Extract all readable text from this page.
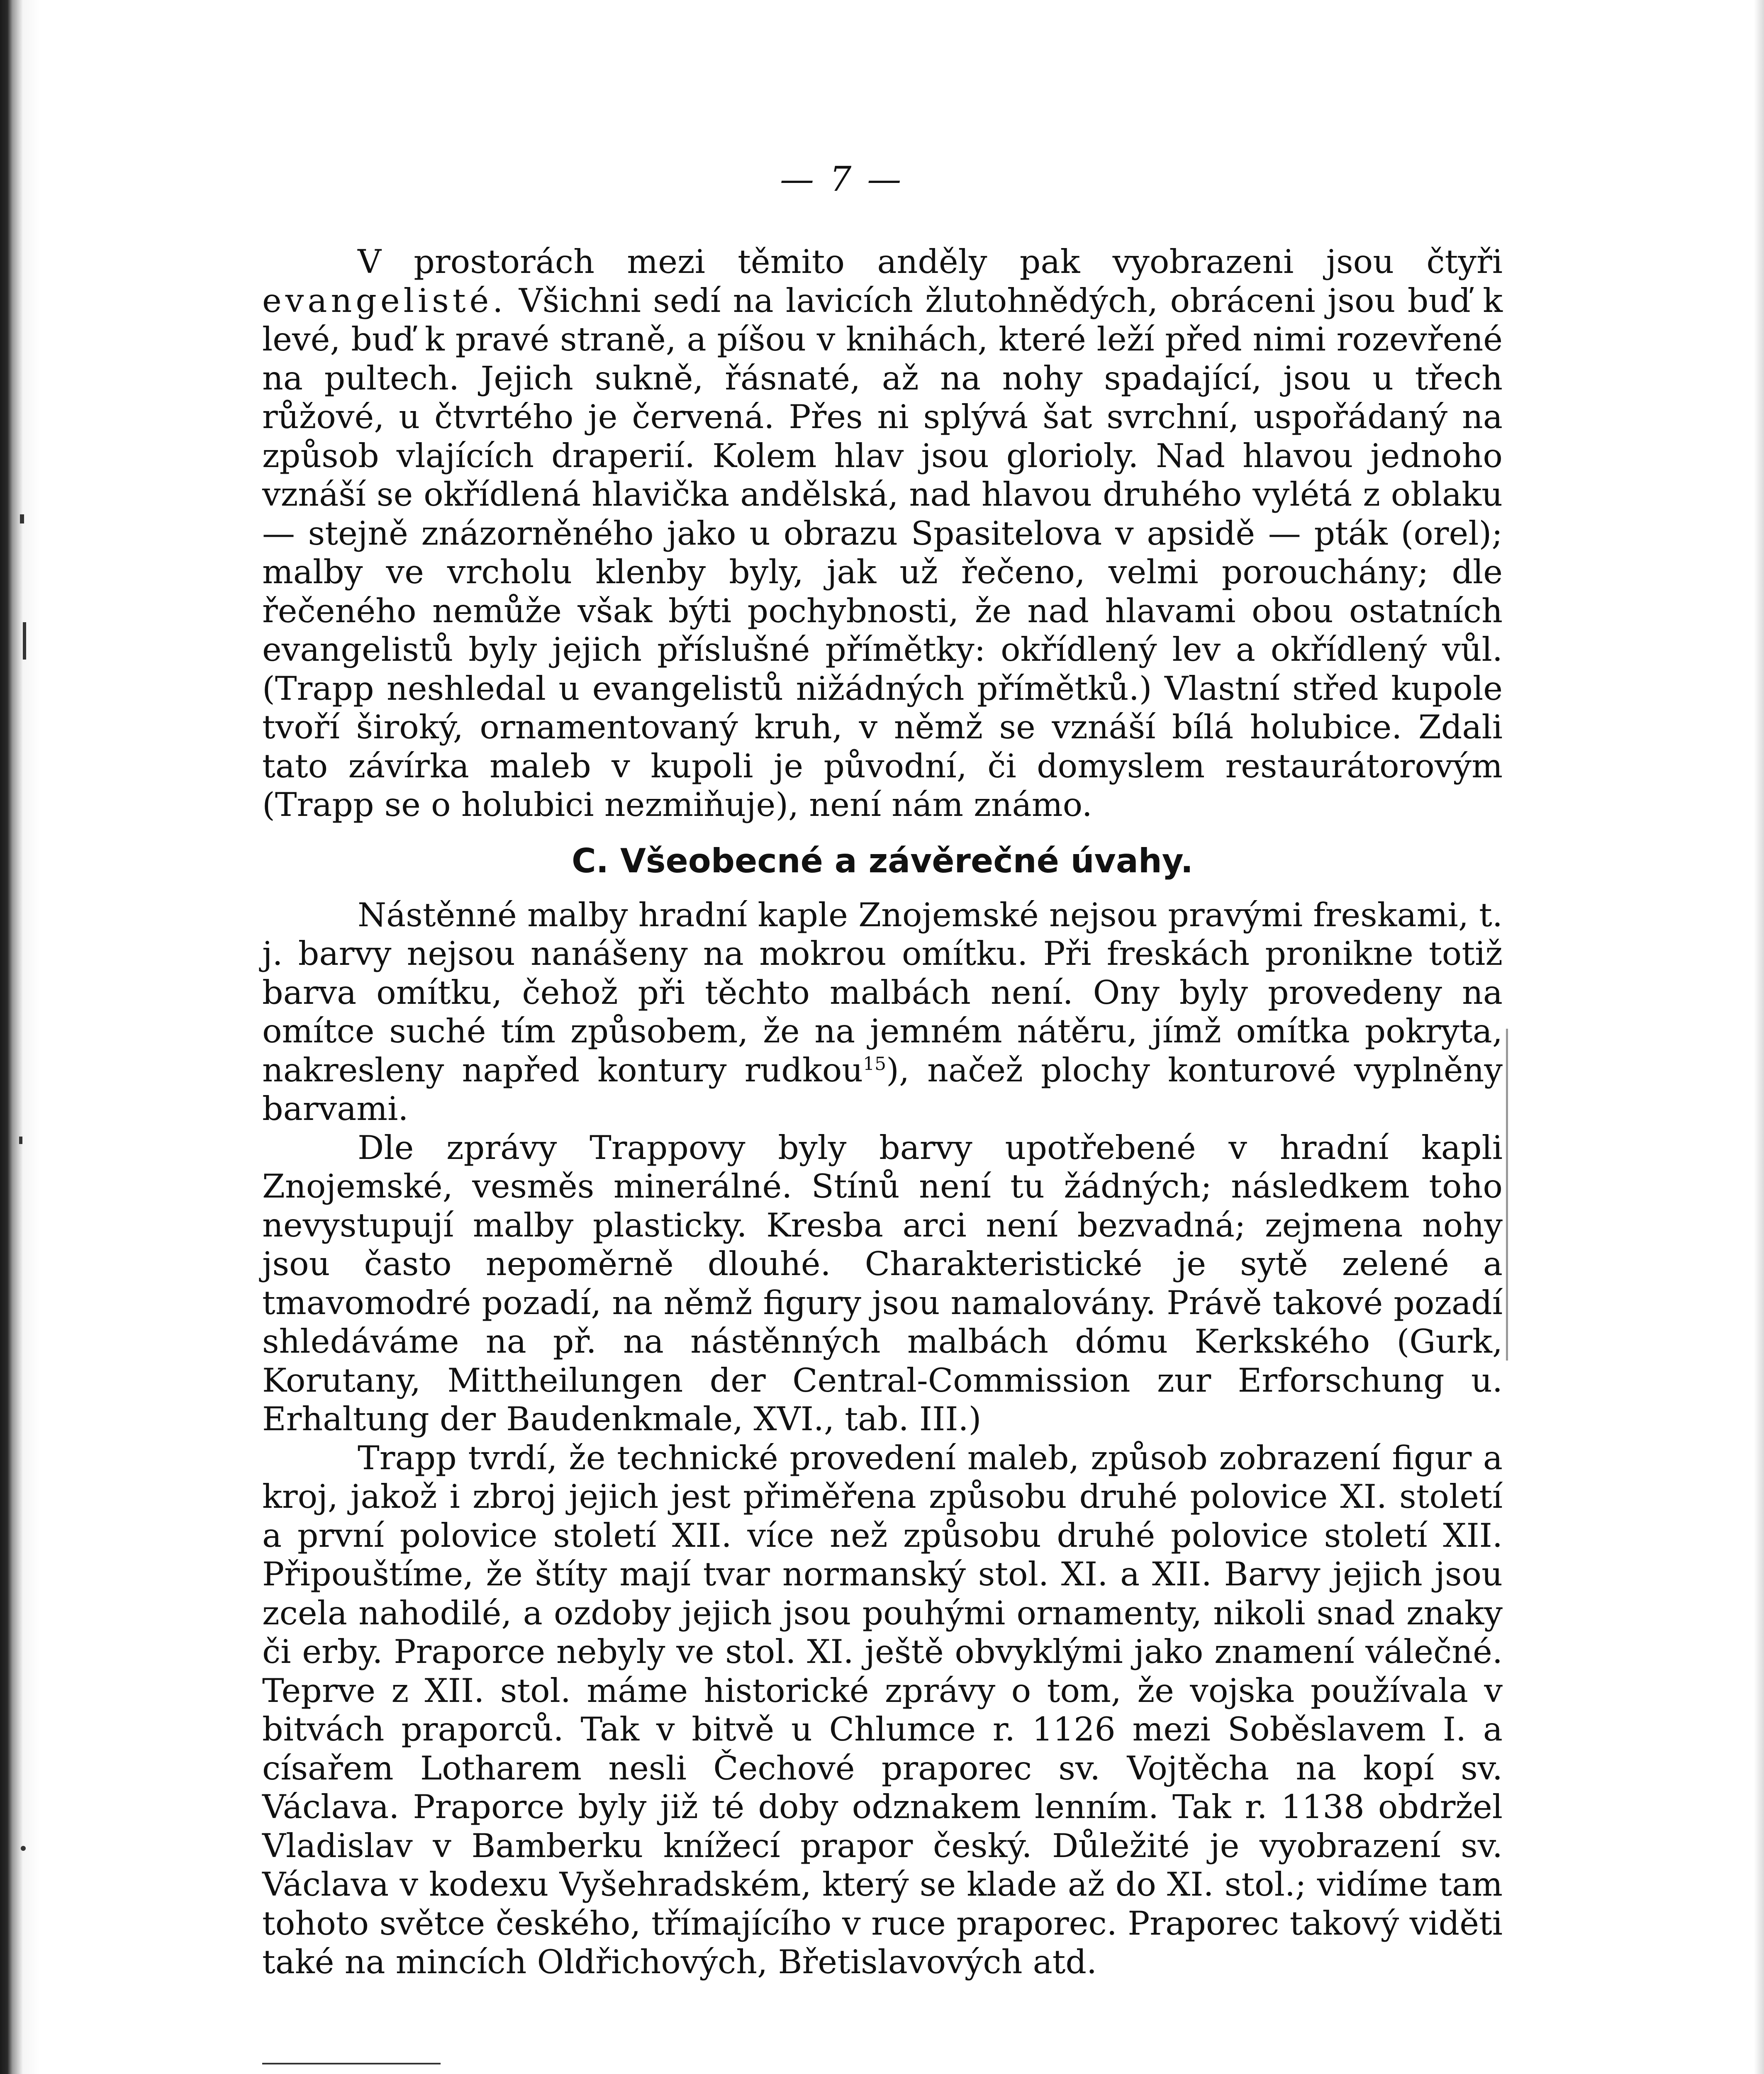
— 7 —

V prostorách mezi těmito anděly pak vyobrazeni jsou čtyři evangelisté. Všichni sedí na lavicích žlutohnědých, obráceni jsou buď k levé, buď k pravé straně, a píšou v knihách, které leží před nimi rozevřené na pultech. Jejich sukně, řásnaté, až na nohy spadající, jsou u třech růžové, u čtvrtého je červená. Přes ni splývá šat svrchní, uspořádaný na způsob vlajících draperií. Kolem hlav jsou glorioly. Nad hlavou jednoho vznáší se okřídlená hlavička andělská, nad hlavou druhého vylétá z oblaku — stejně znázorněného jako u obrazu Spasitelova v apsidě — pták (orel); malby ve vrcholu klenby byly, jak už řečeno, velmi porouchány; dle řečeného nemůže však býti pochybnosti, že nad hlavami obou ostatních evangelistů byly jejich příslušné přímětky: okřídlený lev a okřídlený vůl. (Trapp neshledal u evangelistů nižádných přímětků.) Vlastní střed kupole tvoří široký, ornamentovaný kruh, v němž se vznáší bílá holubice. Zdali tato závírka maleb v kupoli je původní, či domyslem restaurátorovým (Trapp se o holubici nezmiňuje), není nám známo.

C. Všeobecné a závěrečné úvahy.

Nástěnné malby hradní kaple Znojemské nejsou pravými freskami, t. j. barvy nejsou nanášeny na mokrou omítku. Při freskách pronikne totiž barva omítku, čehož při těchto malbách není. Ony byly provedeny na omítce suché tím způsobem, že na jemném nátěru, jímž omítka pokryta, nakresleny napřed kontury rudkou$^{15}$), načež plochy konturové vyplněny barvami.

Dle zprávy Trappovy byly barvy upotřebené v hradní kapli Znojemské, vesměs minerálné. Stínů není tu žádných; následkem toho nevystupují malby plasticky. Kresba arci není bezvadná; zejmena nohy jsou často nepoměrně dlouhé. Charakteristické je sytě zelené a tmavomodré pozadí, na němž figury jsou namalovány. Právě takové pozadí shledáváme na př. na nástěnných malbách dómu Kerkského (Gurk, Korutany, Mittheilungen der Central-Commission zur Erforschung u. Erhaltung der Baudenkmale, XVI., tab. III.)

Trapp tvrdí, že technické provedení maleb, způsob zobrazení figur a kroj, jakož i zbroj jejich jest přiměřena způsobu druhé polovice XI. století a první polovice století XII. více než způsobu druhé polovice století XII. Připouštíme, že štíty mají tvar normanský stol. XI. a XII. Barvy jejich jsou zcela nahodilé, a ozdoby jejich jsou pouhými ornamenty, nikoli snad znaky či erby. Praporce nebyly ve stol. XI. ještě obvyklými jako znamení válečné. Teprve z XII. stol. máme historické zprávy o tom, že vojska používala v bitvách praporců. Tak v bitvě u Chlumce r. 1126 mezi Soběslavem I. a císařem Lotharem nesli Čechové praporec sv. Vojtěcha na kopí sv. Václava. Praporce byly již té doby odznakem lenním. Tak r. 1138 obdržel Vladislav v Bamberku knížecí prapor český. Důležité je vyobrazení sv. Václava v kodexu Vyšehradském, který se klade až do XI. stol.; vidíme tam tohoto světce českého, třímajícího v ruce praporec. Praporec takový viděti také na mincích Oldřichových, Břetislavových atd.
